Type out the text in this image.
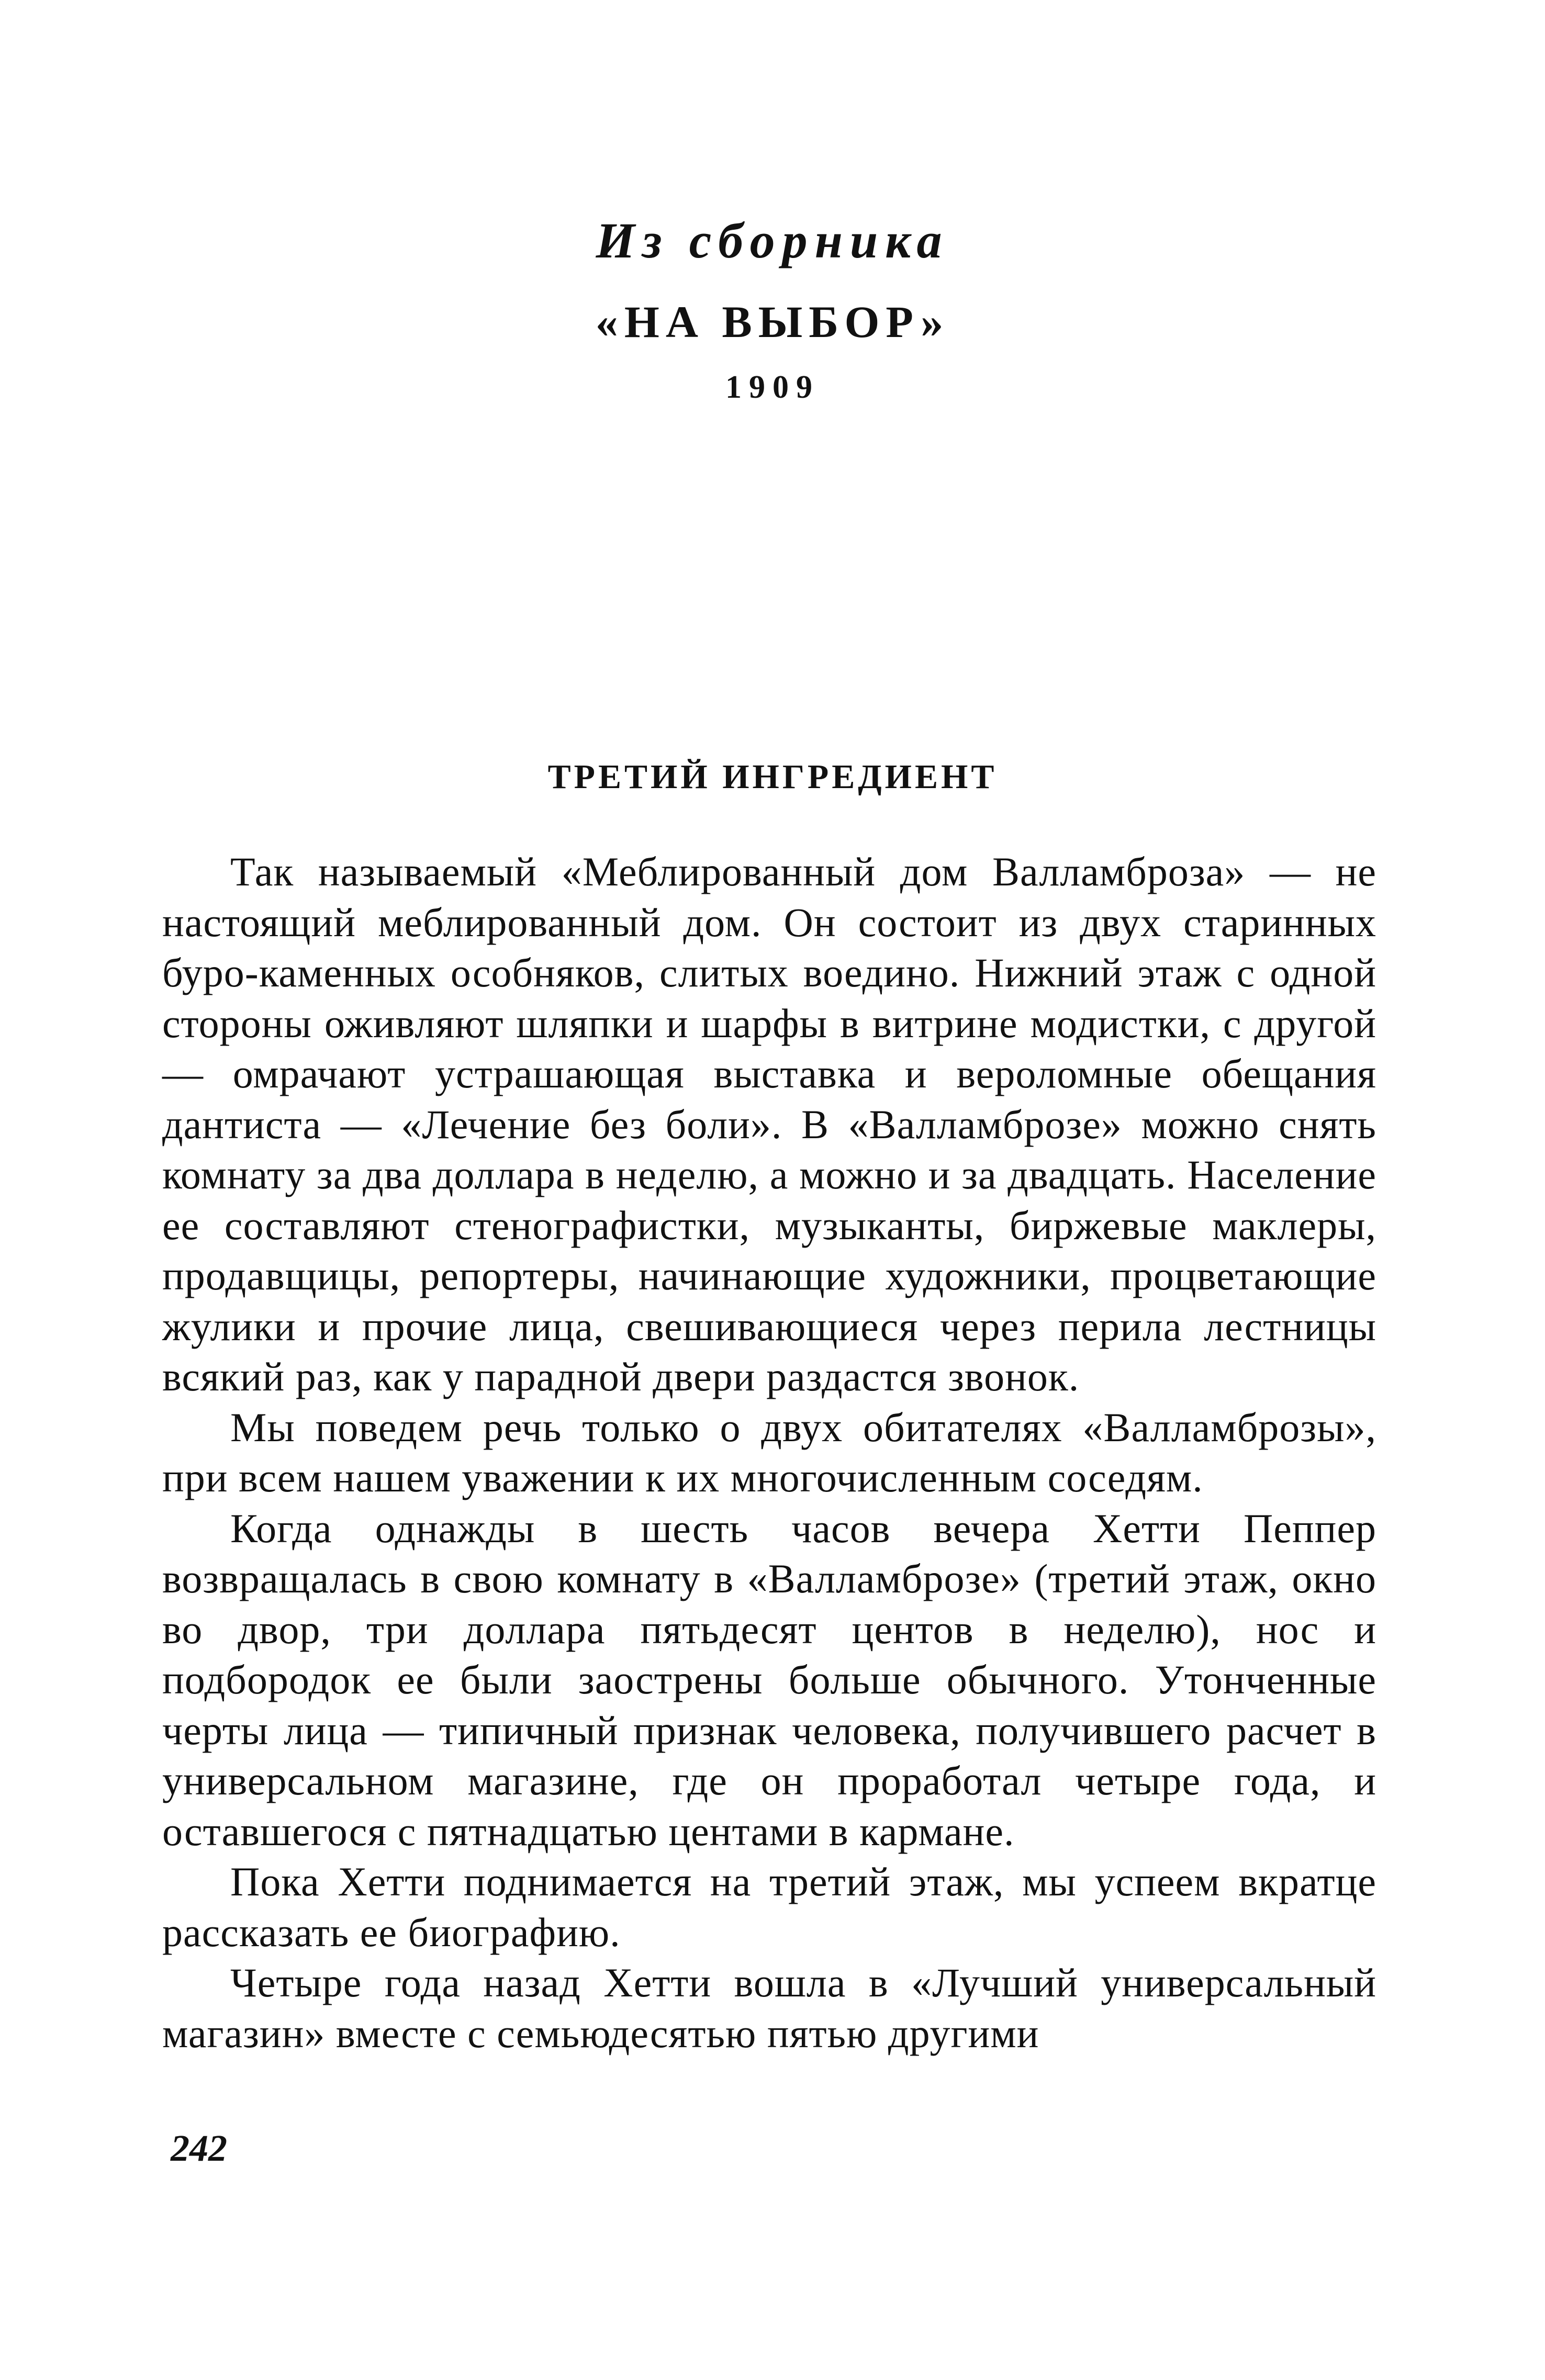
Из сборника
«НА ВЫБОР»
1909
ТРЕТИЙ ИНГРЕДИЕНТ

Так называемый «Меблированный дом Валламброза» — не настоящий меблированный дом. Он состоит из двух старинных буро-каменных особняков, слитых воедино. Нижний этаж с одной стороны оживляют шляпки и шарфы в витрине модистки, с другой — омрачают устрашающая выставка и вероломные обещания дантиста — «Лечение без боли». В «Валламброзе» можно снять комнату за два доллара в неделю, а можно и за двадцать. Население ее составляют стенографистки, музыканты, биржевые маклеры, продавщицы, репортеры, начинающие художники, процветающие жулики и прочие лица, свешивающиеся через перила лестницы всякий раз, как у парадной двери раздастся звонок.

Мы поведем речь только о двух обитателях «Валламброзы», при всем нашем уважении к их многочисленным соседям.

Когда однажды в шесть часов вечера Хетти Пеппер возвращалась в свою комнату в «Валламброзе» (третий этаж, окно во двор, три доллара пятьдесят центов в неделю), нос и подбородок ее были заострены больше обычного. Утонченные черты лица — типичный признак человека, получившего расчет в универсальном магазине, где он проработал четыре года, и оставшегося с пятнадцатью центами в кармане.

Пока Хетти поднимается на третий этаж, мы успеем вкратце рассказать ее биографию.

Четыре года назад Хетти вошла в «Лучший универсальный магазин» вместе с семьюдесятью пятью другими

242
